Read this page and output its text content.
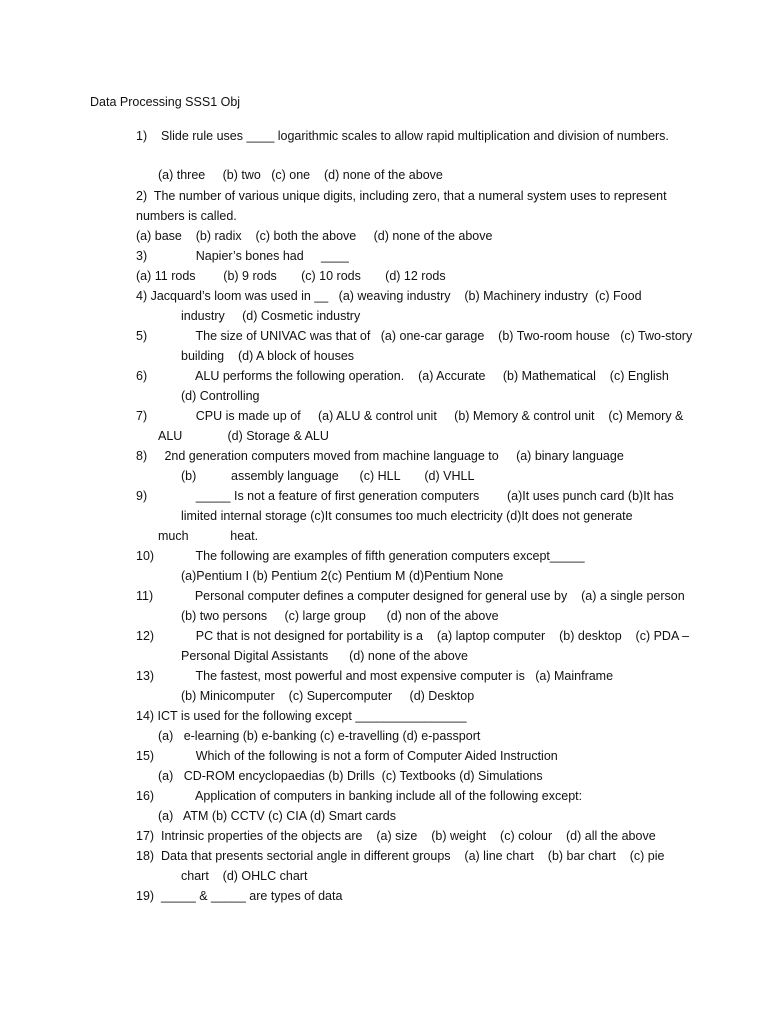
Data Processing SSS1 Obj
1)    Slide rule uses ____ logarithmic scales to allow rapid multiplication and division of numbers.
(a) three     (b) two   (c) one    (d) none of the above
2)  The number of various unique digits, including zero, that a numeral system uses to represent
numbers is called.
(a) base    (b) radix    (c) both the above     (d) none of the above
3)              Napier’s bones had     ____
(a) 11 rods        (b) 9 rods       (c) 10 rods       (d) 12 rods
4) Jacquard’s loom was used in __   (a) weaving industry    (b) Machinery industry  (c) Food
industry     (d) Cosmetic industry
5)              The size of UNIVAC was that of   (a) one-car garage    (b) Two-room house   (c) Two-story
building    (d) A block of houses
6)              ALU performs the following operation.    (a) Accurate     (b) Mathematical    (c) English
(d) Controlling
7)              CPU is made up of     (a) ALU & control unit     (b) Memory & control unit    (c) Memory &
ALU             (d) Storage & ALU
8)     2nd generation computers moved from machine language to     (a) binary language
(b)          assembly language      (c) HLL       (d) VHLL
9)              _____ Is not a feature of first generation computers        (a)It uses punch card (b)It has
limited internal storage (c)It consumes too much electricity (d)It does not generate
much            heat.
10)            The following are examples of fifth generation computers except_____
(a)Pentium I (b) Pentium 2(c) Pentium M (d)Pentium None
11)            Personal computer defines a computer designed for general use by    (a) a single person
(b) two persons     (c) large group      (d) non of the above
12)            PC that is not designed for portability is a    (a) laptop computer    (b) desktop    (c) PDA –
Personal Digital Assistants      (d) none of the above
13)            The fastest, most powerful and most expensive computer is   (a) Mainframe
(b) Minicomputer    (c) Supercomputer     (d) Desktop
14) ICT is used for the following except ________________
(a)   e-learning (b) e-banking (c) e-travelling (d) e-passport
15)            Which of the following is not a form of Computer Aided Instruction
(a)   CD-ROM encyclopaedias (b) Drills  (c) Textbooks (d) Simulations
16)            Application of computers in banking include all of the following except:
(a)   ATM (b) CCTV (c) CIA (d) Smart cards
17)  Intrinsic properties of the objects are    (a) size    (b) weight    (c) colour    (d) all the above
18)  Data that presents sectorial angle in different groups    (a) line chart    (b) bar chart    (c) pie
chart    (d) OHLC chart
19)  _____ & _____ are types of data
